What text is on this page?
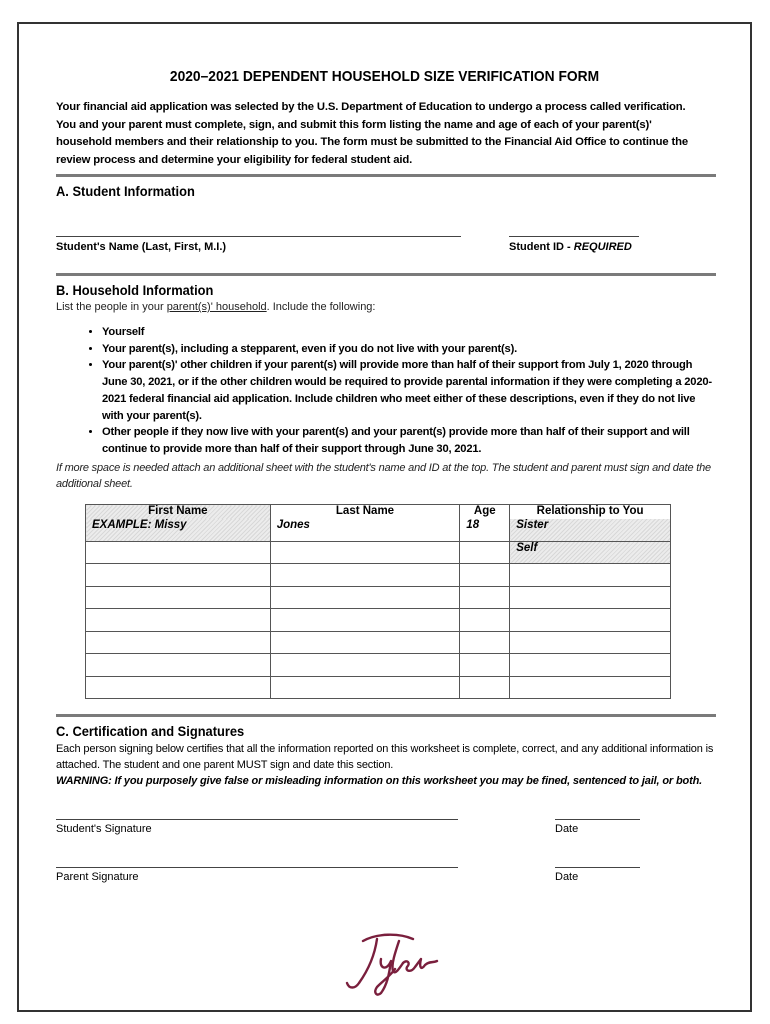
2020–2021 DEPENDENT HOUSEHOLD SIZE VERIFICATION FORM
Your financial aid application was selected by the U.S. Department of Education to undergo a process called verification. You and your parent must complete, sign, and submit this form listing the name and age of each of your parent(s)' household members and their relationship to you. The form must be submitted to the Financial Aid Office to continue the review process and determine your eligibility for federal student aid.
A. Student Information
Student's Name (Last, First, M.I.)	Student ID - REQUIRED
B. Household Information
List the people in your parent(s)' household. Include the following:
• Yourself
• Your parent(s), including a stepparent, even if you do not live with your parent(s).
• Your parent(s)' other children if your parent(s) will provide more than half of their support from July 1, 2020 through June 30, 2021, or if the other children would be required to provide parental information if they were completing a 2020-2021 federal financial aid application. Include children who meet either of these descriptions, even if they do not live with your parent(s).
• Other people if they now live with your parent(s) and your parent(s) provide more than half of their support and will continue to provide more than half of their support through June 30, 2021.
If more space is needed attach an additional sheet with the student's name and ID at the top. The student and parent must sign and date the additional sheet.
First Name	Last Name	Age	Relationship to You
EXAMPLE: Missy	Jones	18	Sister
			Self

C. Certification and Signatures
Each person signing below certifies that all the information reported on this worksheet is complete, correct, and any additional information is attached. The student and one parent MUST sign and date this section.
WARNING: If you purposely give false or misleading information on this worksheet you may be fined, sentenced to jail, or both.
Student's Signature	Date
Parent Signature	Date
